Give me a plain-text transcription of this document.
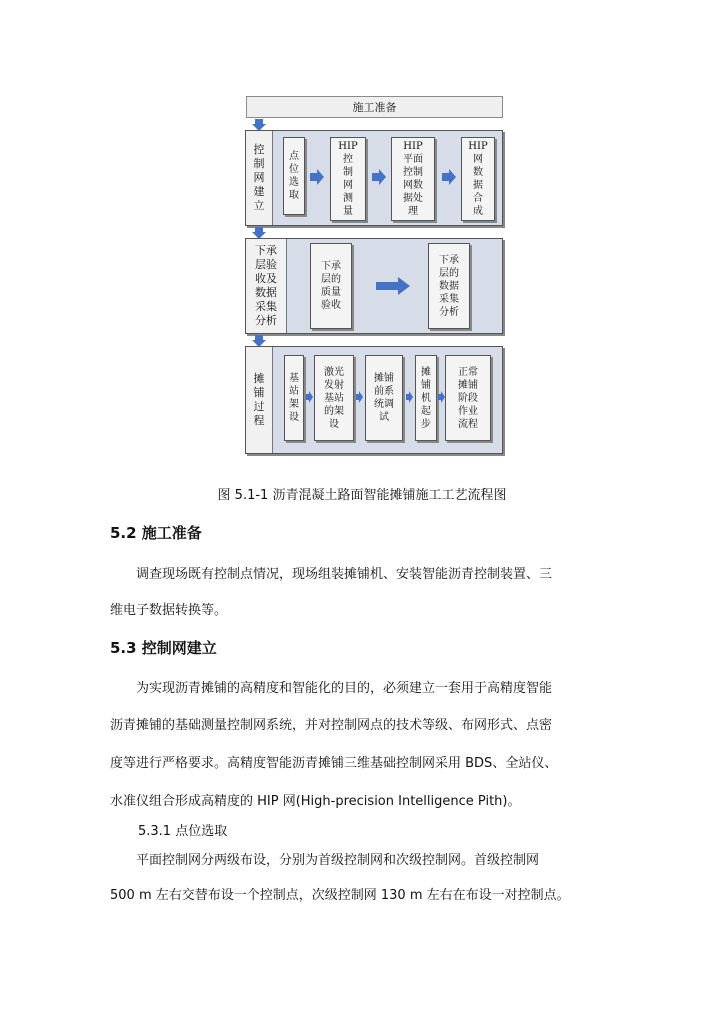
施工准备
控
制
网
建
立
点
位
选
取
HIP
控
制
网
测
量
HIP
平面
控制
网数
据处
理
HIP
网
数
据
合
成
下承
层验
收及
数据
采集
分析
下承
层的
质量
验收
下承
层的
数据
采集
分析
摊
铺
过
程
基
站
架
设
激光
发射
基站
的架
设
摊铺
前系
统调
试
摊
铺
机
起
步
正常
摊铺
阶段
作业
流程
图 5.1-1 沥青混凝土路面智能摊铺施工工艺流程图
5.2 施工准备
调查现场既有控制点情况，现场组装摊铺机、安装智能沥青控制装置、三
维电子数据转换等。
5.3 控制网建立
为实现沥青摊铺的高精度和智能化的目的，必须建立一套用于高精度智能
沥青摊铺的基础测量控制网系统，并对控制网点的技术等级、布网形式、点密
度等进行严格要求。高精度智能沥青摊铺三维基础控制网采用 BDS、全站仪、
水准仪组合形成高精度的 HIP 网(High-precision Intelligence Pith)。
5.3.1 点位选取
平面控制网分两级布设，分别为首级控制网和次级控制网。首级控制网
500 m 左右交替布设一个控制点，次级控制网 130 m 左右在布设一对控制点。
